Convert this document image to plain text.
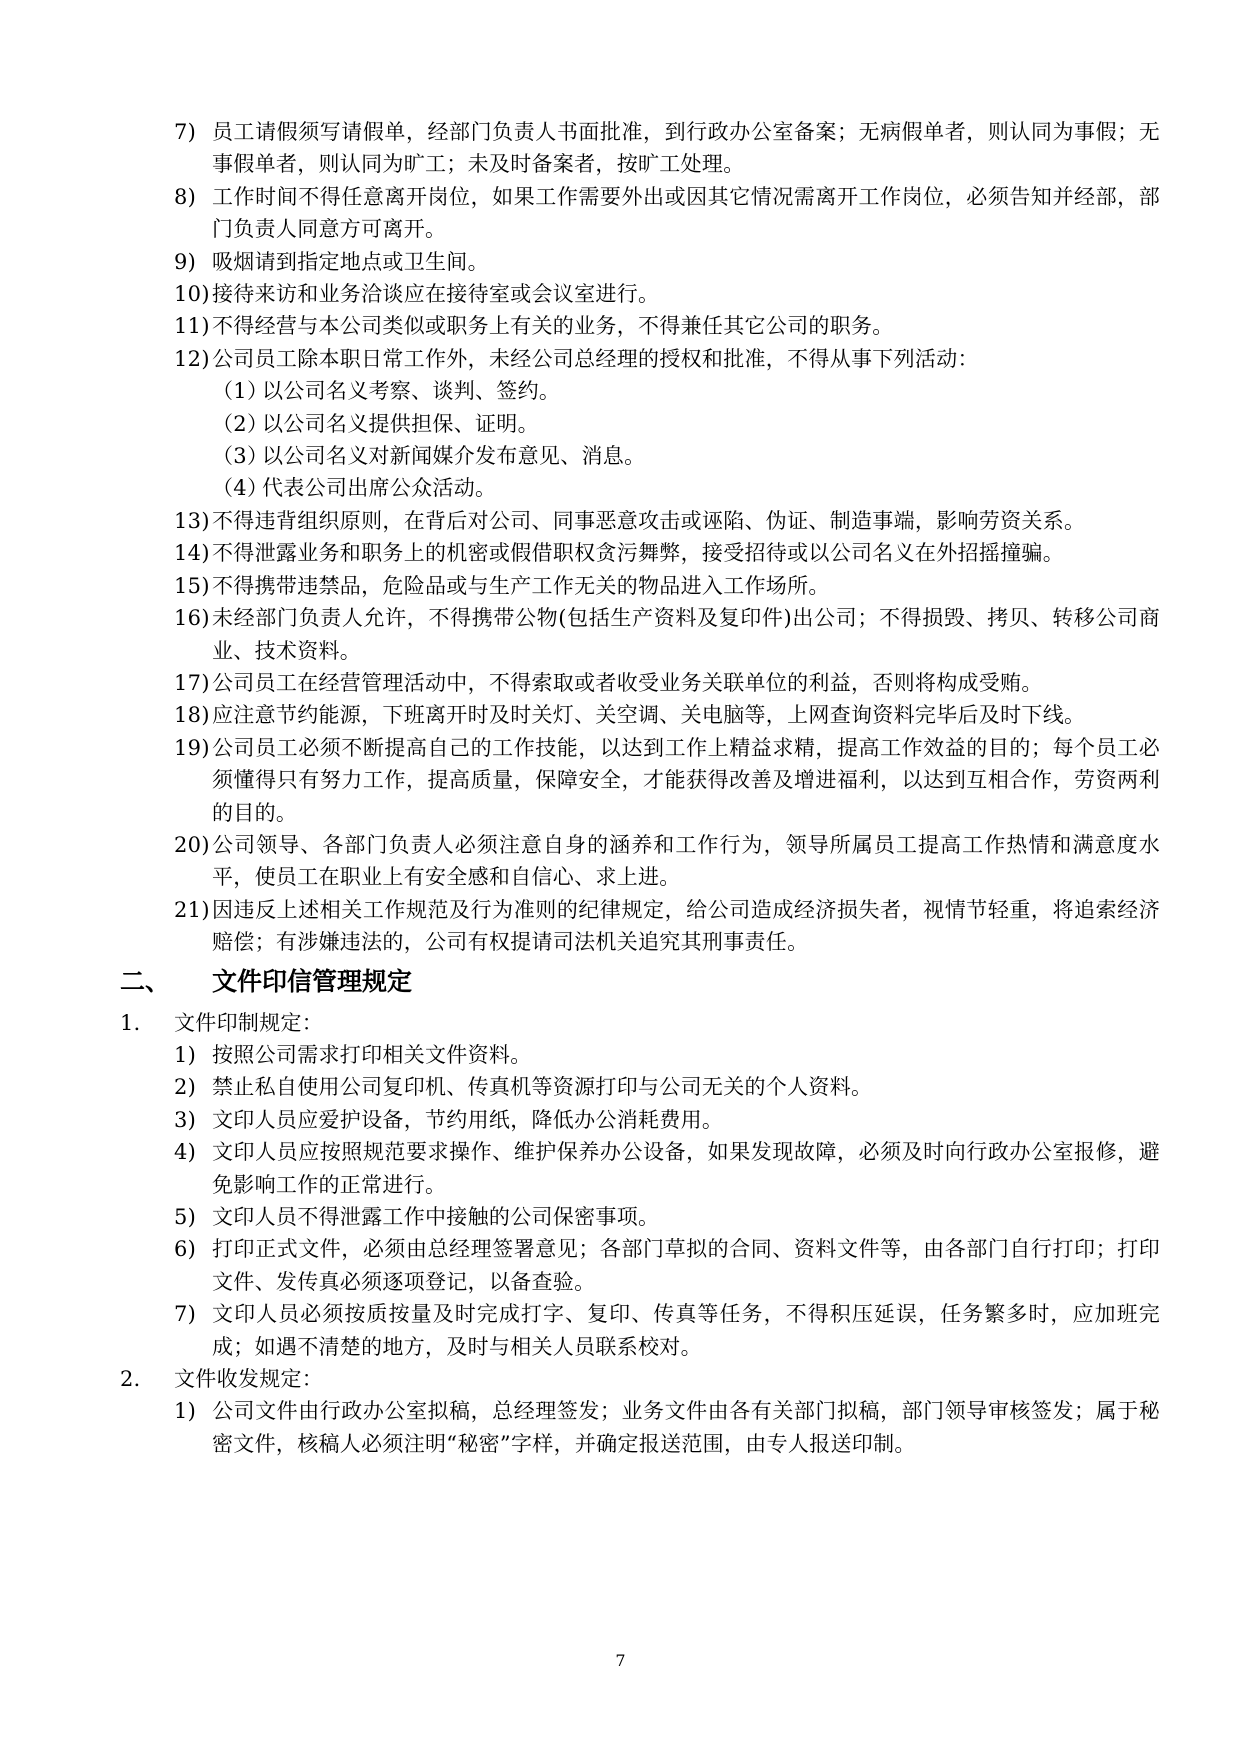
7) 员工请假须写请假单，经部门负责人书面批准，到行政办公室备案；无病假单者，则认同为事假；无事假单者，则认同为旷工；未及时备案者，按旷工处理。
8) 工作时间不得任意离开岗位，如果工作需要外出或因其它情况需离开工作岗位，必须告知并经部，部门负责人同意方可离开。
9) 吸烟请到指定地点或卫生间。
10) 接待来访和业务洽谈应在接待室或会议室进行。
11) 不得经营与本公司类似或职务上有关的业务，不得兼任其它公司的职务。
12) 公司员工除本职日常工作外，未经公司总经理的授权和批准，不得从事下列活动：
（1）
以公司名义考察、谈判、签约。
（2）
以公司名义提供担保、证明。
（3）
以公司名义对新闻媒介发布意见、消息。
（4）
代表公司出席公众活动。
13) 不得违背组织原则，在背后对公司、同事恶意攻击或诬陷、伪证、制造事端，影响劳资关系。
14) 不得泄露业务和职务上的机密或假借职权贪污舞弊，接受招待或以公司名义在外招摇撞骗。
15) 不得携带违禁品，危险品或与生产工作无关的物品进入工作场所。
16) 未经部门负责人允许，不得携带公物(包括生产资料及复印件)出公司；不得损毁、拷贝、转移公司商业、技术资料。
17) 公司员工在经营管理活动中，不得索取或者收受业务关联单位的利益，否则将构成受贿。
18) 应注意节约能源，下班离开时及时关灯、关空调、关电脑等，上网查询资料完毕后及时下线。
19) 公司员工必须不断提高自己的工作技能，以达到工作上精益求精，提高工作效益的目的；每个员工必须懂得只有努力工作，提高质量，保障安全，才能获得改善及增进福利，以达到互相合作，劳资两利的目的。
20) 公司领导、各部门负责人必须注意自身的涵养和工作行为，领导所属员工提高工作热情和满意度水平，使员工在职业上有安全感和自信心、求上进。
21) 因违反上述相关工作规范及行为准则的纪律规定，给公司造成经济损失者，视情节轻重，将追索经济赔偿；有涉嫌违法的，公司有权提请司法机关追究其刑事责任。
二、	文件印信管理规定
1． 文件印制规定：
1) 按照公司需求打印相关文件资料。
2) 禁止私自使用公司复印机、传真机等资源打印与公司无关的个人资料。
3) 文印人员应爱护设备，节约用纸，降低办公消耗费用。
4) 文印人员应按照规范要求操作、维护保养办公设备，如果发现故障，必须及时向行政办公室报修，避免影响工作的正常进行。
5) 文印人员不得泄露工作中接触的公司保密事项。
6) 打印正式文件，必须由总经理签署意见；各部门草拟的合同、资料文件等，由各部门自行打印；打印文件、发传真必须逐项登记，以备查验。
7) 文印人员必须按质按量及时完成打字、复印、传真等任务，不得积压延误，任务繁多时，应加班完成；如遇不清楚的地方，及时与相关人员联系校对。
2． 文件收发规定：
1) 公司文件由行政办公室拟稿，总经理签发；业务文件由各有关部门拟稿，部门领导审核签发；属于秘密文件，核稿人必须注明“秘密”字样，并确定报送范围，由专人报送印制。
7
